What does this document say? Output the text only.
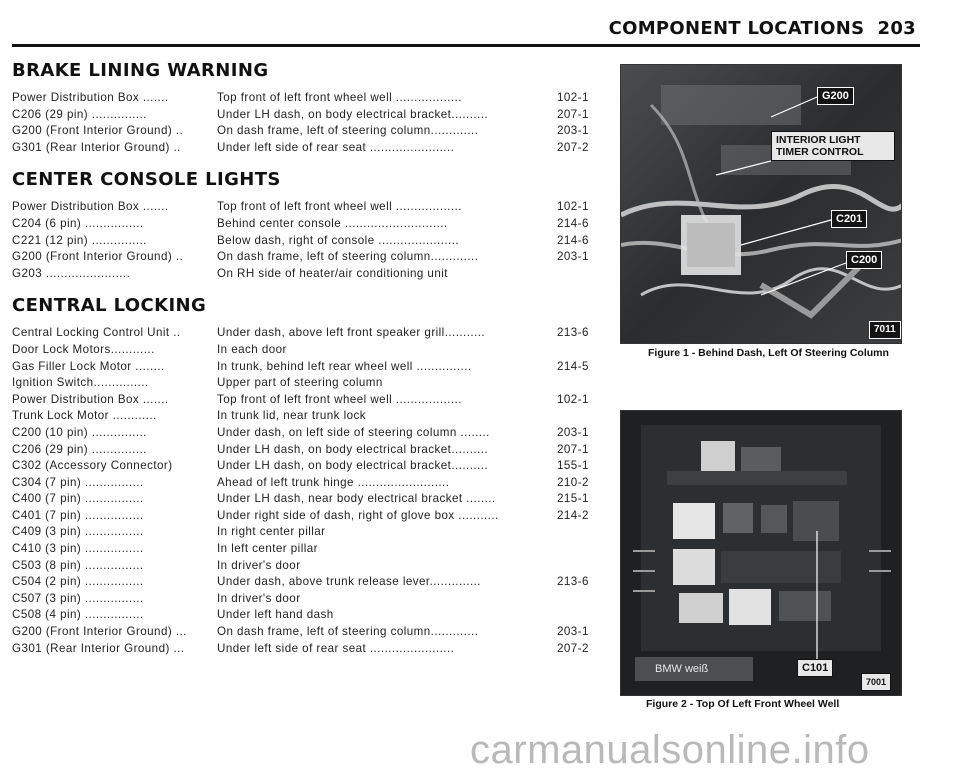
COMPONENT LOCATIONS 203
BRAKE LINING WARNING
Power Distribution Box .......	Top front of left front wheel well ..................	102-1
C206 (29 pin) ...............	Under LH dash, on body electrical bracket..........	207-1
G200 (Front Interior Ground) ..	On dash frame, left of steering column.............	203-1
G301 (Rear Interior Ground) ..	Under left side of rear seat .......................	207-2
CENTER CONSOLE LIGHTS
Power Distribution Box .......	Top front of left front wheel well ..................	102-1
C204 (6 pin) ................	Behind center console ............................	214-6
C221 (12 pin) ...............	Below dash, right of console ......................	214-6
G200 (Front Interior Ground) ..	On dash frame, left of steering column.............	203-1
G203 .......................	On RH side of heater/air conditioning unit
CENTRAL LOCKING
Central Locking Control Unit ..	Under dash, above left front speaker grill...........	213-6
Door Lock Motors............	In each door
Gas Filler Lock Motor ........	In trunk, behind left rear wheel well ...............	214-5
Ignition Switch...............	Upper part of steering column
Power Distribution Box .......	Top front of left front wheel well ..................	102-1
Trunk Lock Motor ............	In trunk lid, near trunk lock
C200 (10 pin) ...............	Under dash, on left side of steering column ........	203-1
C206 (29 pin) ...............	Under LH dash, on body electrical bracket..........	207-1
C302 (Accessory Connector)	Under LH dash, on body electrical bracket..........	155-1
C304 (7 pin) ................	Ahead of left trunk hinge .........................	210-2
C400 (7 pin) ................	Under LH dash, near body electrical bracket ........	215-1
C401 (7 pin) ................	Under right side of dash, right of glove box ...........	214-2
C409 (3 pin) ................	In right center pillar
C410 (3 pin) ................	In left center pillar
C503 (8 pin) ................	In driver's door
C504 (2 pin) ................	Under dash, above trunk release lever..............	213-6
C507 (3 pin) ................	In driver's door
C508 (4 pin) ................	Under left hand dash
G200 (Front Interior Ground) ...	On dash frame, left of steering column.............	203-1
G301 (Rear Interior Ground) ...	Under left side of rear seat .......................	207-2
G200
INTERIOR LIGHT TIMER CONTROL
C201
C200
7011
Figure 1 - Behind Dash, Left Of Steering Column
BMW weiß	C101
7001
Figure 2 - Top Of Left Front Wheel Well
carmanualsonline.info
